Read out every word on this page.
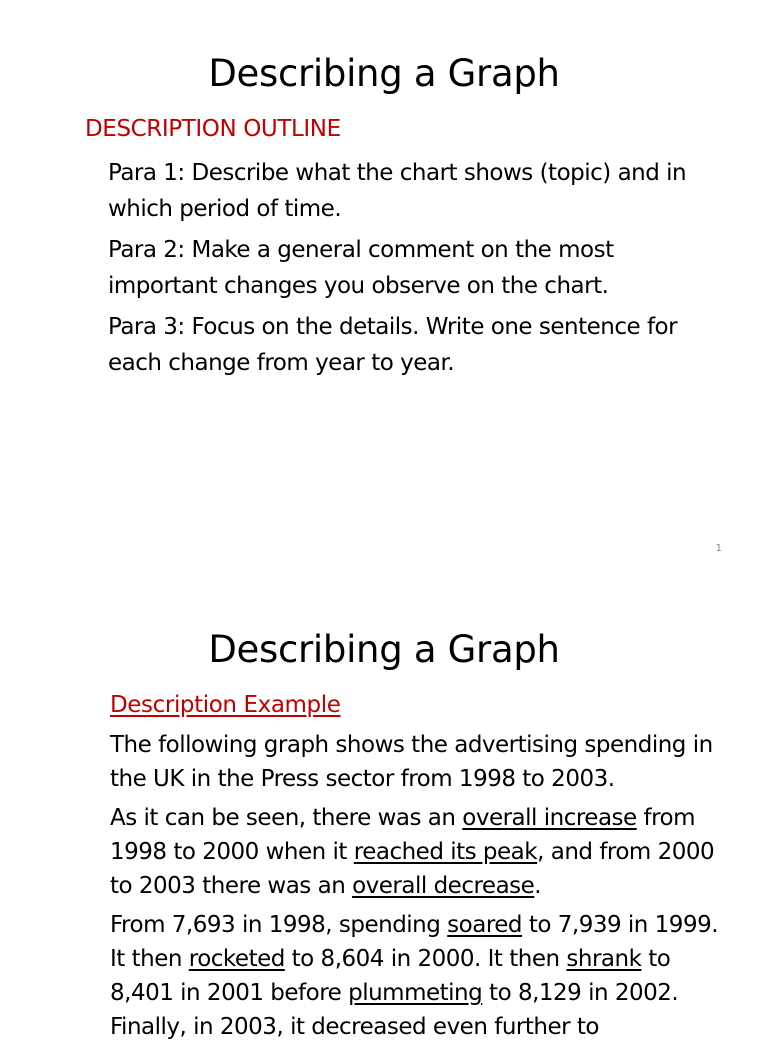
Describing a Graph
DESCRIPTION OUTLINE
Para 1: Describe what the chart shows (topic) and in which period of time.
Para 2: Make a general comment on the most important changes you observe on the chart.
Para 3: Focus on the details. Write one sentence for each change from year to year.
1
Describing a Graph
Description Example

The following graph shows the advertising spending in the UK in the Press sector from 1998 to 2003.

As it can be seen, there was an overall increase from 1998 to 2000 when it reached its peak, and from 2000 to 2003 there was an overall decrease.

From 7,693 in 1998, spending soared to 7,939 in 1999. It then rocketed to 8,604 in 2000. It then shrank to 8,401 in 2001 before plummeting to 8,129 in 2002. Finally, in 2003, it decreased even further to
